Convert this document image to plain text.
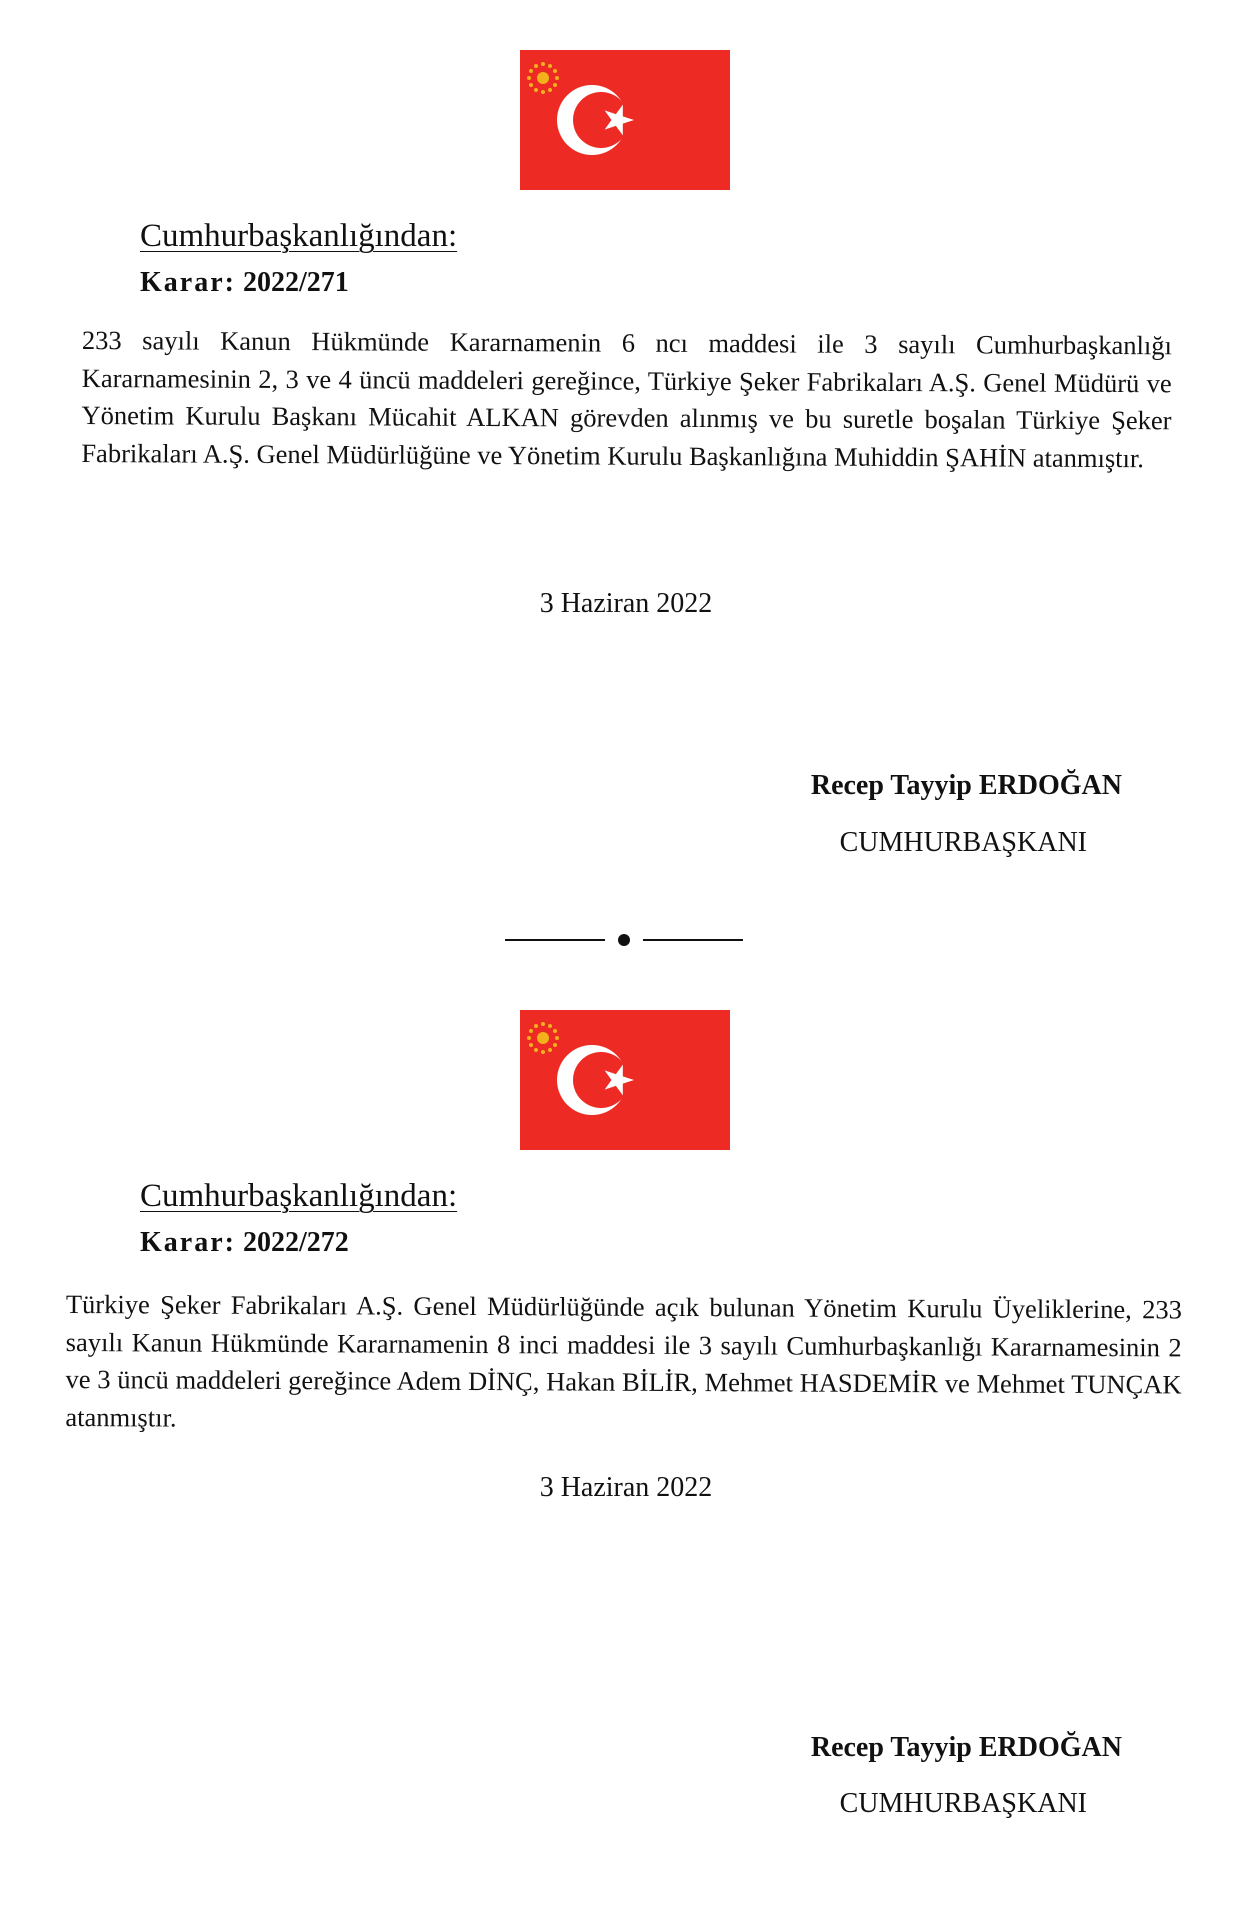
Cumhurbaşkanlığından:

Karar: 2022/271

233 sayılı Kanun Hükmünde Kararnamenin 6 ncı maddesi ile 3 sayılı Cumhurbaşkanlığı Kararnamesinin 2, 3 ve 4 üncü maddeleri gereğince, Türkiye Şeker Fabrikaları A.Ş. Genel Müdürü ve Yönetim Kurulu Başkanı Mücahit ALKAN görevden alınmış ve bu suretle boşalan Türkiye Şeker Fabrikaları A.Ş. Genel Müdürlüğüne ve Yönetim Kurulu Başkanlığına Muhiddin ŞAHİN atanmıştır.

3 Haziran 2022

Recep Tayyip ERDOĞAN

CUMHURBAŞKANI

Cumhurbaşkanlığından:

Karar: 2022/272

Türkiye Şeker Fabrikaları A.Ş. Genel Müdürlüğünde açık bulunan Yönetim Kurulu Üyeliklerine, 233 sayılı Kanun Hükmünde Kararnamenin 8 inci maddesi ile 3 sayılı Cumhurbaşkanlığı Kararnamesinin 2 ve 3 üncü maddeleri gereğince Adem DİNÇ, Hakan BİLİR, Mehmet HASDEMİR ve Mehmet TUNÇAK atanmıştır.

3 Haziran 2022

Recep Tayyip ERDOĞAN

CUMHURBAŞKANI
